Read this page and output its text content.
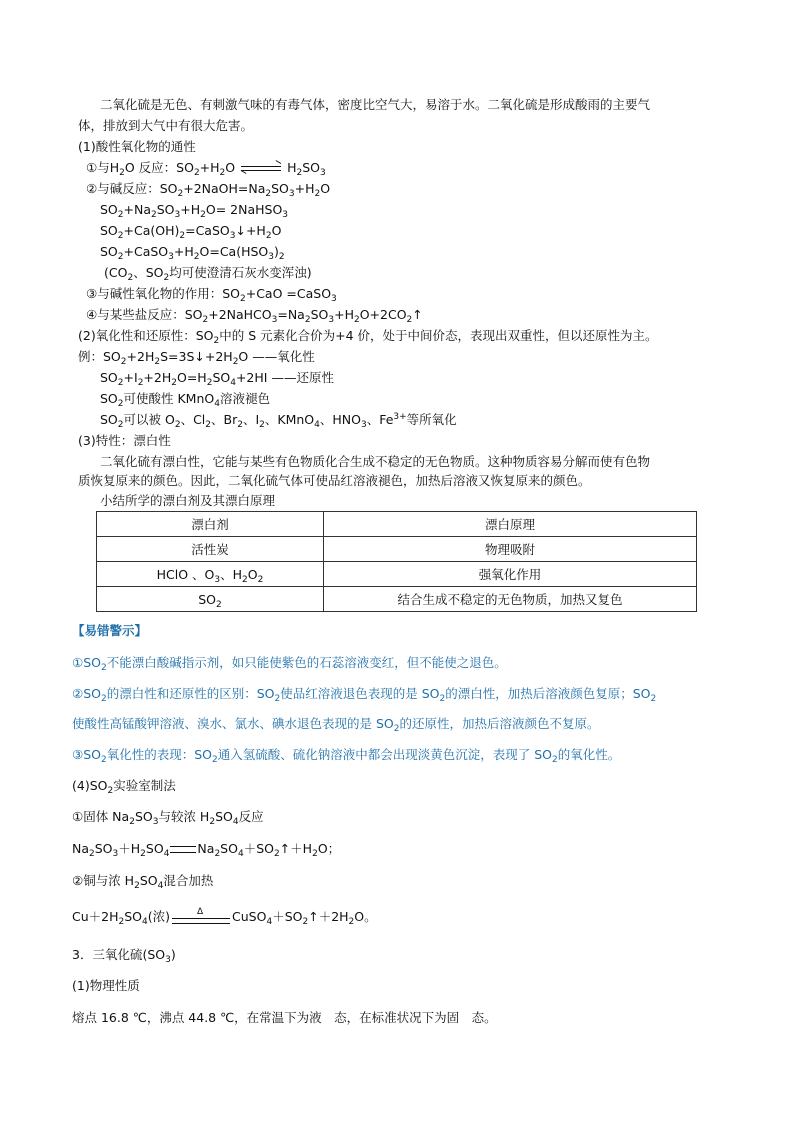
二氧化硫是无色、有刺激气味的有毒气体，密度比空气大，易溶于水。二氧化硫是形成酸雨的主要气
体，排放到大气中有很大危害。
(1)酸性氧化物的通性
①与$H_2O$ 反应：$SO_2+H_2O$	$H_2SO_3$
②与碱反应：$SO_2+2NaOH=Na_2SO_3+H_2O$
$SO_2+Na_2SO_3+H_2O=$ 2NaHSO$_3$
$SO_2+Ca(OH)_2=CaSO_3↓+H_2O$
$SO_2+CaSO_3+H_2O=Ca(HSO_3)_2$
($CO_2$、$SO_2$均可使澄清石灰水变浑浊)
③与碱性氧化物的作用：$SO_2+CaO$ =CaSO$_3$
④与某些盐反应：$SO_2+2NaHCO_3=Na_2SO_3+H_2O+2CO_2↑$
(2)氧化性和还原性：$SO_2$中的 S 元素化合价为+4 价，处于中间价态，表现出双重性，但以还原性为主。
例：$SO_2+2H_2S=3S↓+2H_2O$ ——氧化性
$SO_2+I_2+2H_2O=H_2SO_4+2HI$ ——还原性
$SO_2$可使酸性 KMnO$_4$溶液褪色
$SO_2$可以被 $O_2$、$Cl_2$、$Br_2$、$I_2$、KMnO$_4$、$HNO_3$、$Fe^{3+}$等所氧化
(3)特性：漂白性
二氧化硫有漂白性，它能与某些有色物质化合生成不稳定的无色物质。这种物质容易分解而使有色物
质恢复原来的颜色。因此，二氧化硫气体可使品红溶液褪色，加热后溶液又恢复原来的颜色。
小结所学的漂白剂及其漂白原理
漂白剂	漂白原理
活性炭	物理吸附
HClO 、$O_3$、$H_2O_2$	强氧化作用
$SO_2$	结合生成不稳定的无色物质，加热又复色
【易错警示】
$①SO_2$不能漂白酸碱指示剂，如只能使紫色的石蕊溶液变红，但不能使之退色。
$②SO_2$的漂白性和还原性的区别：$SO_2$使品红溶液退色表现的是 $SO_2$的漂白性，加热后溶液颜色复原；$SO_2$
使酸性高锰酸钾溶液、溴水、氯水、碘水退色表现的是 $SO_2$的还原性，加热后溶液颜色不复原。
$③SO_2$氧化性的表现：$SO_2$通入氢硫酸、硫化钠溶液中都会出现淡黄色沉淀，表现了 $SO_2$的氧化性。
$(4)SO_2$实验室制法
①固体 $Na_2SO_3$与较浓 $H_2SO_4$反应
$Na_2SO_3+H_2SO_4$ $Na_2SO_4+SO_2↑+H_2O$；
②铜与浓 $H_2SO_4$混合加热
$Cu+2H_2SO_4$(浓)	Δ $CuSO_4+SO_2↑+2H_2O$。
3．三氧化硫$(SO_3)$
(1)物理性质
熔点 16.8 ℃，沸点 44.8 ℃，在常温下为液　态，在标准状况下为固　态。
